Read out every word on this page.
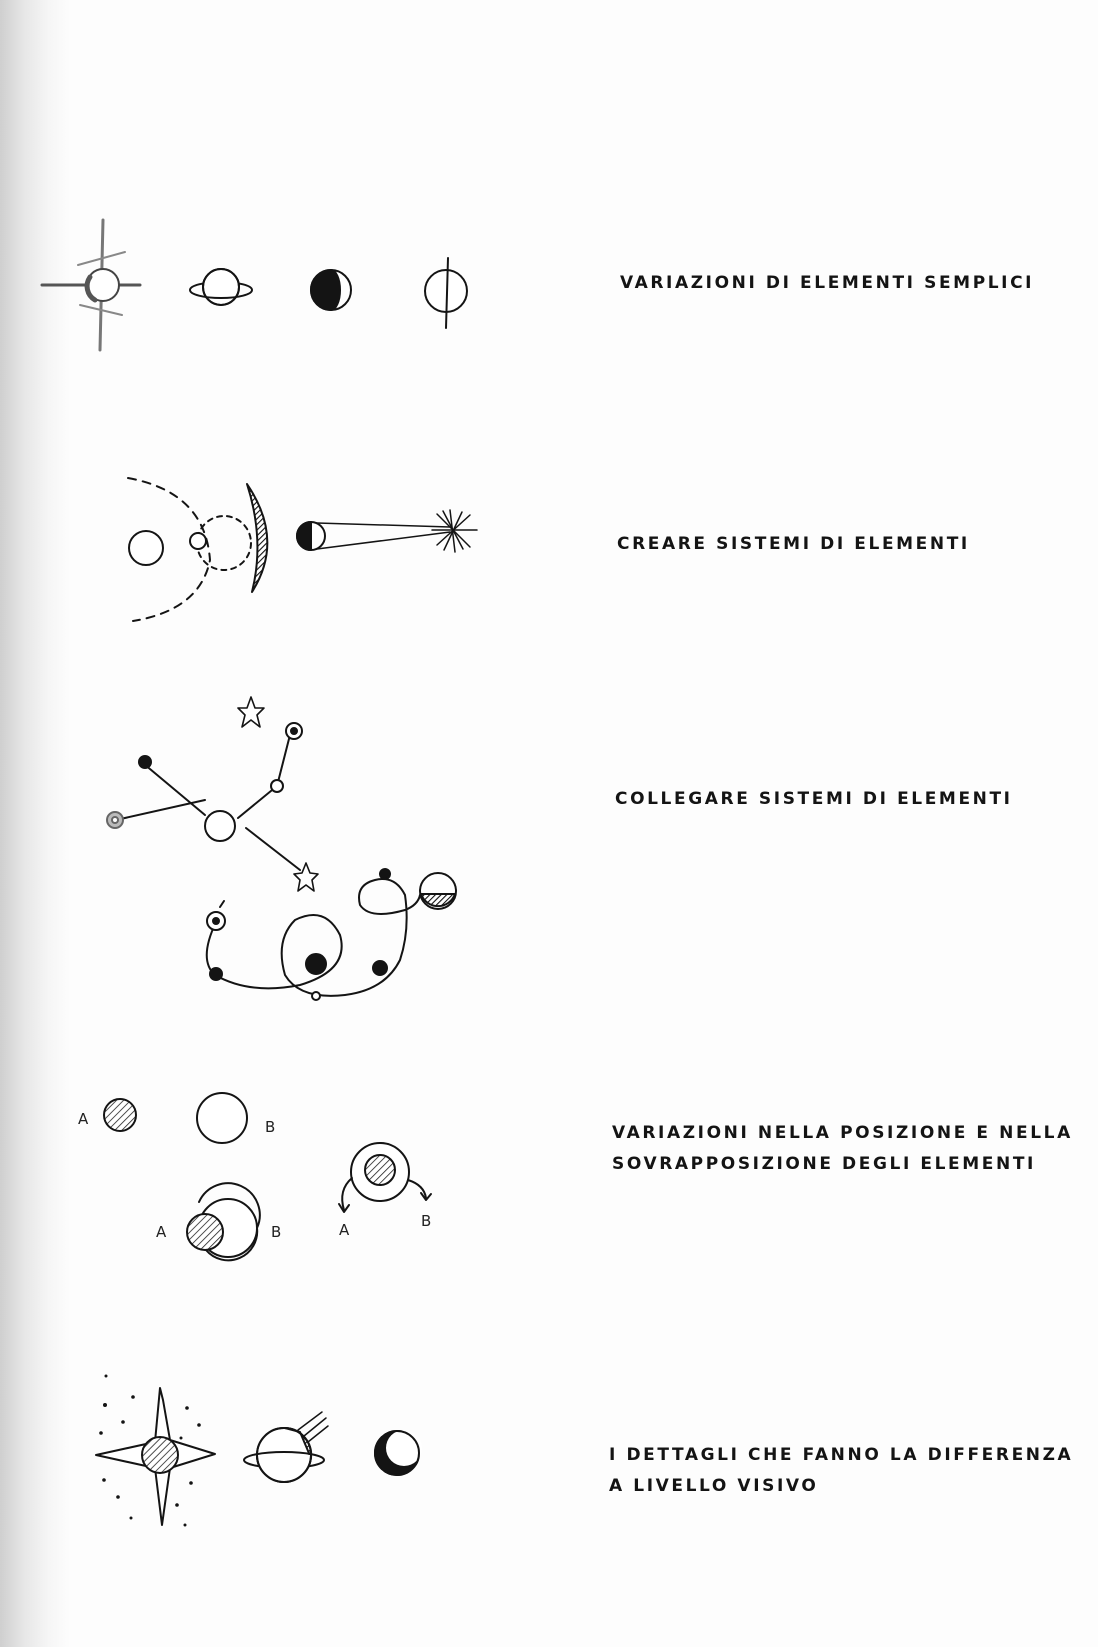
A	B
A	B	A	B
VARIAZIONI DI ELEMENTI SEMPLICI
CREARE SISTEMI DI ELEMENTI
COLLEGARE SISTEMI DI ELEMENTI
VARIAZIONI NELLA POSIZIONE E NELLA
SOVRAPPOSIZIONE DEGLI ELEMENTI
I DETTAGLI CHE FANNO LA DIFFERENZA
A LIVELLO VISIVO
